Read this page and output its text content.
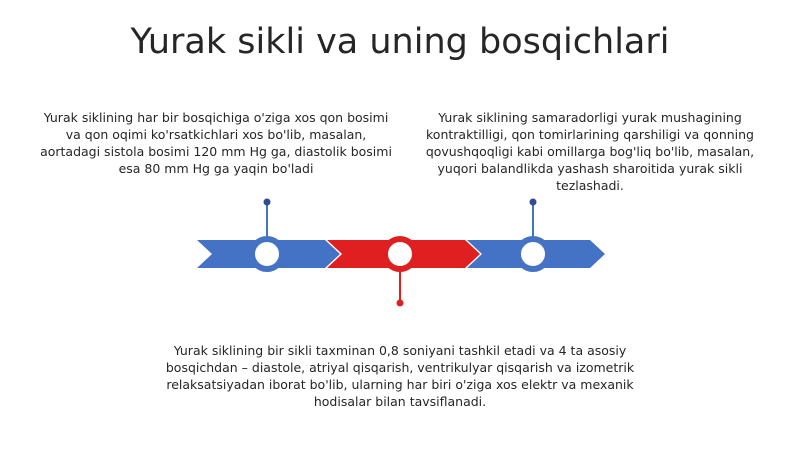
Yurak sikli va uning bosqichlari
Yurak siklining har bir bosqichiga o'ziga xos qon bosimi
va qon oqimi ko'rsatkichlari xos bo'lib, masalan,
aortadagi sistola bosimi 120 mm Hg ga, diastolik bosimi
esa 80 mm Hg ga yaqin bo'ladi
Yurak siklining samaradorligi yurak mushagining
kontraktilligi, qon tomirlarining qarshiligi va qonning
qovushqoqligi kabi omillarga bog'liq bo'lib, masalan,
yuqori balandlikda yashash sharoitida yurak sikli
tezlashadi.
Yurak siklining bir sikli taxminan 0,8 soniyani tashkil etadi va 4 ta asosiy
bosqichdan – diastole, atriyal qisqarish, ventrikulyar qisqarish va izometrik
relaksatsiyadan iborat bo'lib, ularning har biri o'ziga xos elektr va mexanik
hodisalar bilan tavsiflanadi.
